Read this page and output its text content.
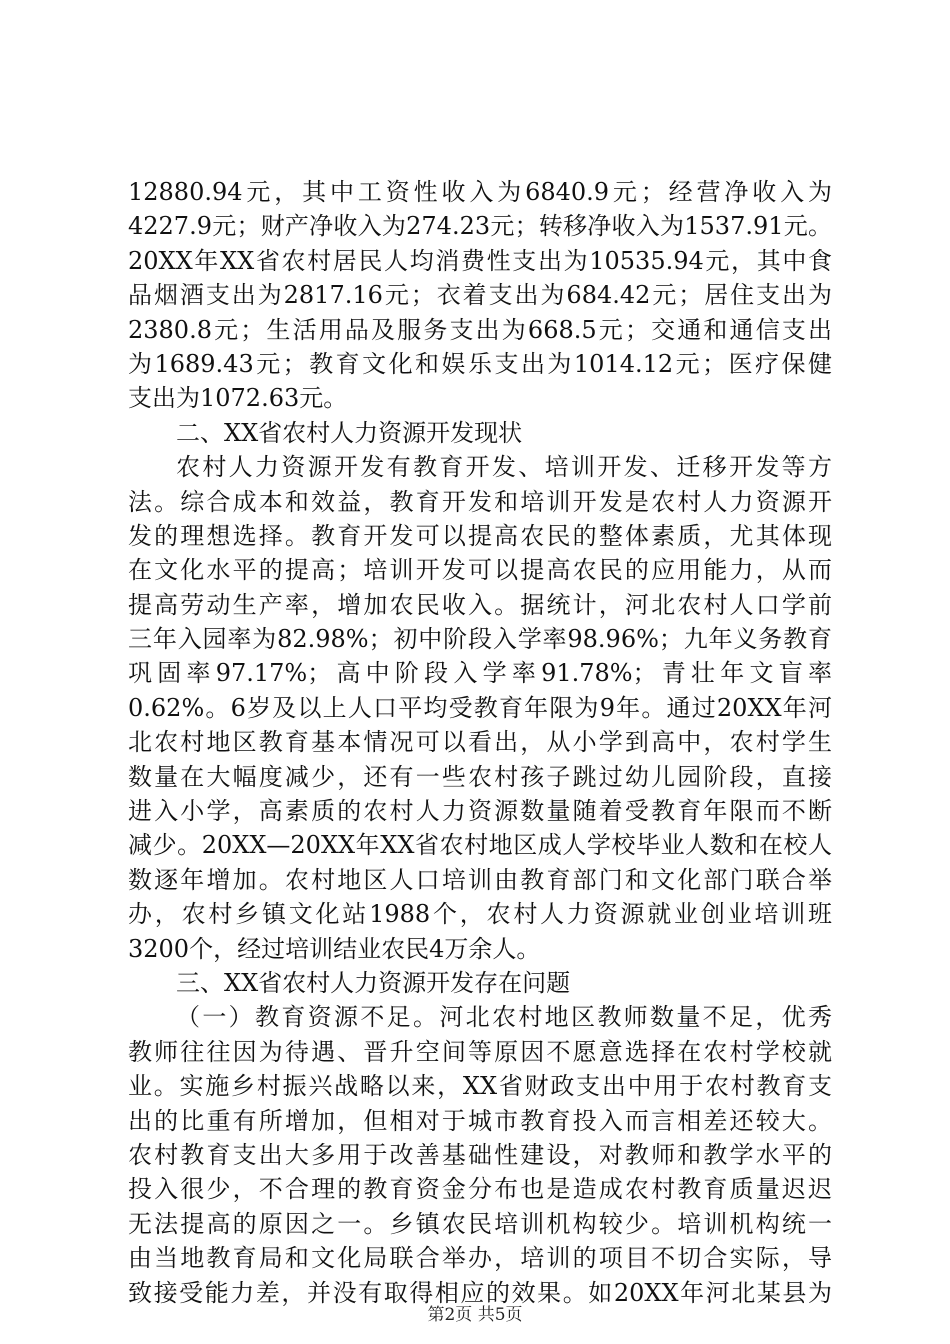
12880.94元，其中工资性收入为6840.9元；经营净收入为
4227.9元；财产净收入为274.23元；转移净收入为1537.91元。
20XX年XX省农村居民人均消费性支出为10535.94元，其中食
品烟酒支出为2817.16元；衣着支出为684.42元；居住支出为
2380.8元；生活用品及服务支出为668.5元；交通和通信支出
为1689.43元；教育文化和娱乐支出为1014.12元；医疗保健
支出为1072.63元。
二、XX省农村人力资源开发现状
农村人力资源开发有教育开发、培训开发、迁移开发等方
法。综合成本和效益，教育开发和培训开发是农村人力资源开
发的理想选择。教育开发可以提高农民的整体素质，尤其体现
在文化水平的提高；培训开发可以提高农民的应用能力，从而
提高劳动生产率，增加农民收入。据统计，河北农村人口学前
三年入园率为82.98%；初中阶段入学率98.96%；九年义务教育
巩固率97.17%；高中阶段入学率91.78%；青壮年文盲率
0.62%。6岁及以上人口平均受教育年限为9年。通过20XX年河
北农村地区教育基本情况可以看出，从小学到高中，农村学生
数量在大幅度减少，还有一些农村孩子跳过幼儿园阶段，直接
进入小学，高素质的农村人力资源数量随着受教育年限而不断
减少。20XX—20XX年XX省农村地区成人学校毕业人数和在校人
数逐年增加。农村地区人口培训由教育部门和文化部门联合举
办，农村乡镇文化站1988个，农村人力资源就业创业培训班
3200个，经过培训结业农民4万余人。
三、XX省农村人力资源开发存在问题
（一）教育资源不足。河北农村地区教师数量不足，优秀
教师往往因为待遇、晋升空间等原因不愿意选择在农村学校就
业。实施乡村振兴战略以来，XX省财政支出中用于农村教育支
出的比重有所增加，但相对于城市教育投入而言相差还较大。
农村教育支出大多用于改善基础性建设，对教师和教学水平的
投入很少，不合理的教育资金分布也是造成农村教育质量迟迟
无法提高的原因之一。乡镇农民培训机构较少。培训机构统一
由当地教育局和文化局联合举办，培训的项目不切合实际，导
致接受能力差，并没有取得相应的效果。如20XX年河北某县为
第2页 共5页
